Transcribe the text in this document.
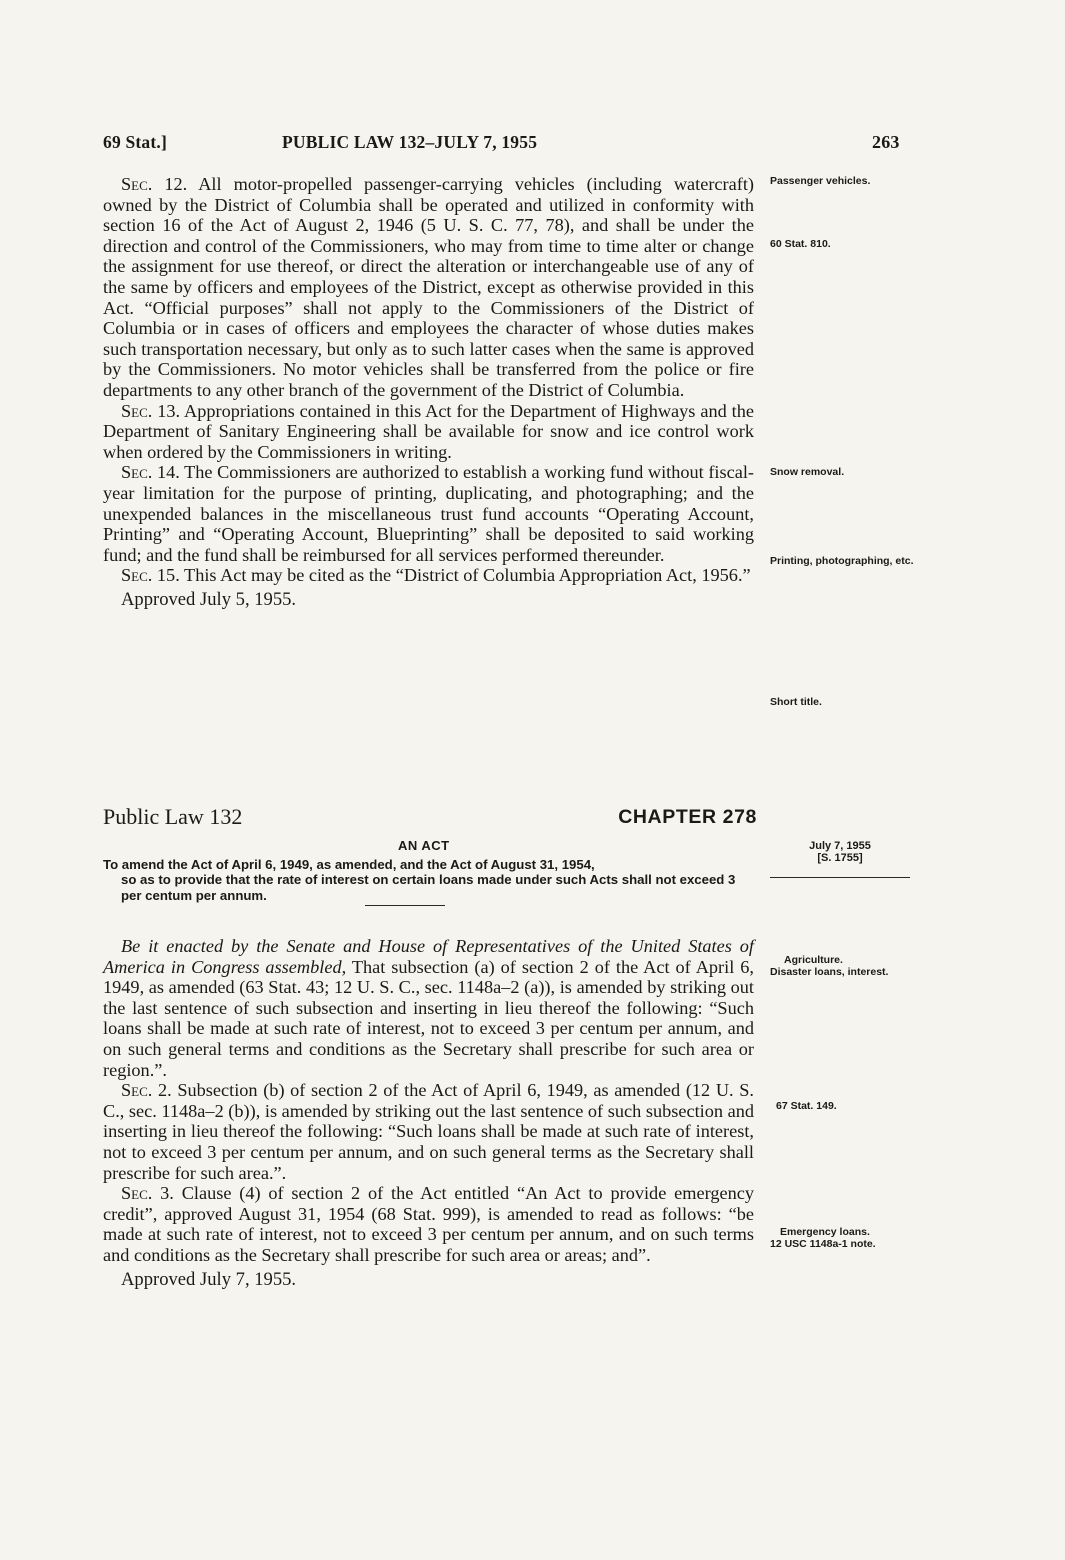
69 Stat.]	PUBLIC LAW 132–JULY 7, 1955	263

Sec. 12. All motor-propelled passenger-carrying vehicles (including watercraft) owned by the District of Columbia shall be operated and utilized in conformity with section 16 of the Act of August 2, 1946 (5 U. S. C. 77, 78), and shall be under the direction and control of the Commissioners, who may from time to time alter or change the assignment for use thereof, or direct the alteration or interchangeable use of any of the same by officers and employees of the District, except as otherwise provided in this Act. “Official purposes” shall not apply to the Commissioners of the District of Columbia or in cases of officers and employees the character of whose duties makes such transportation necessary, but only as to such latter cases when the same is approved by the Commissioners. No motor vehicles shall be transferred from the police or fire departments to any other branch of the government of the District of Columbia.

Sec. 13. Appropriations contained in this Act for the Department of Highways and the Department of Sanitary Engineering shall be available for snow and ice control work when ordered by the Commissioners in writing.

Sec. 14. The Commissioners are authorized to establish a working fund without fiscal-year limitation for the purpose of printing, duplicating, and photographing; and the unexpended balances in the miscellaneous trust fund accounts “Operating Account, Printing” and “Operating Account, Blueprinting” shall be deposited to said working fund; and the fund shall be reimbursed for all services performed thereunder.

Sec. 15. This Act may be cited as the “District of Columbia Appropriation Act, 1956.”

Approved July 5, 1955.

Passenger vehicles.
60 Stat. 810.
Snow removal.
Printing, photographing, etc.
Short title.
Public Law 132	CHAPTER 278
AN ACT	July 7, 1955
[S. 1755]
To amend the Act of April 6, 1949, as amended, and the Act of August 31, 1954,
so as to provide that the rate of interest on certain loans made under such Acts shall not exceed 3 per centum per annum.

Be it enacted by the Senate and House of Representatives of the United States of America in Congress assembled, That subsection (a) of section 2 of the Act of April 6, 1949, as amended (63 Stat. 43; 12 U. S. C., sec. 1148a–2 (a)), is amended by striking out the last sentence of such subsection and inserting in lieu thereof the following: “Such loans shall be made at such rate of interest, not to exceed 3 per centum per annum, and on such general terms and conditions as the Secretary shall prescribe for such area or region.”.

Sec. 2. Subsection (b) of section 2 of the Act of April 6, 1949, as amended (12 U. S. C., sec. 1148a–2 (b)), is amended by striking out the last sentence of such subsection and inserting in lieu thereof the following: “Such loans shall be made at such rate of interest, not to exceed 3 per centum per annum, and on such general terms as the Secretary shall prescribe for such area.”.

Sec. 3. Clause (4) of section 2 of the Act entitled “An Act to provide emergency credit”, approved August 31, 1954 (68 Stat. 999), is amended to read as follows: “be made at such rate of interest, not to exceed 3 per centum per annum, and on such terms and conditions as the Secretary shall prescribe for such area or areas; and”.

Approved July 7, 1955.

Agriculture.
Disaster loans, interest.
67 Stat. 149.
Emergency loans.
12 USC 1148a-1 note.
